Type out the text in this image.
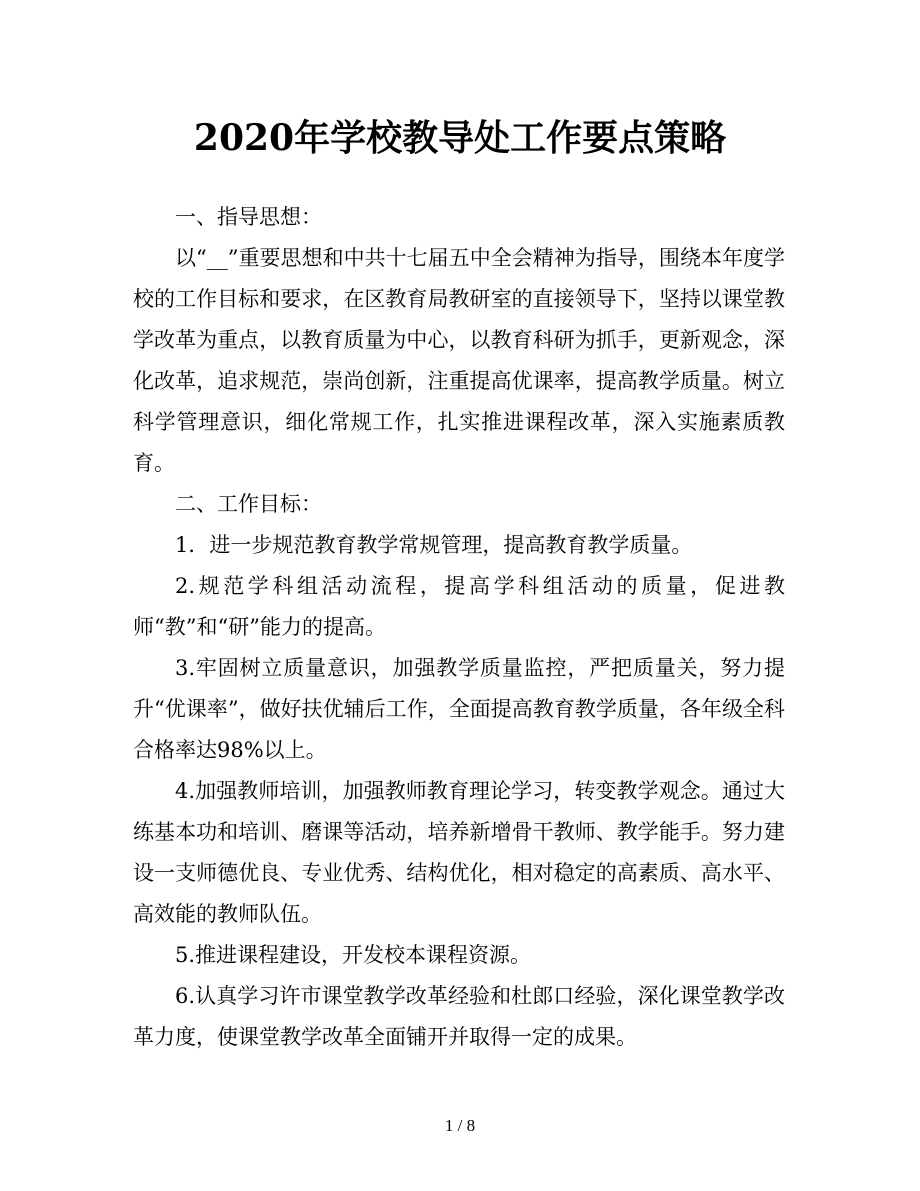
2020年学校教导处工作要点策略

一、指导思想：

以“__”重要思想和中共十七届五中全会精神为指导，围绕本年度学校的工作目标和要求，在区教育局教研室的直接领导下，坚持以课堂教学改革为重点，以教育质量为中心，以教育科研为抓手，更新观念，深化改革，追求规范，崇尚创新，注重提高优课率，提高教学质量。树立科学管理意识，细化常规工作，扎实推进课程改革，深入实施素质教育。

二、工作目标：

1．进一步规范教育教学常规管理，提高教育教学质量。

2.规范学科组活动流程，提高学科组活动的质量，促进教师“教”和“研”能力的提高。

3.牢固树立质量意识，加强教学质量监控，严把质量关，努力提升“优课率”，做好扶优辅后工作，全面提高教育教学质量，各年级全科合格率达98%以上。

4.加强教师培训，加强教师教育理论学习，转变教学观念。通过大练基本功和培训、磨课等活动，培养新增骨干教师、教学能手。努力建设一支师德优良、专业优秀、结构优化，相对稳定的高素质、高水平、高效能的教师队伍。

5.推进课程建设，开发校本课程资源。

6.认真学习许市课堂教学改革经验和杜郎口经验，深化课堂教学改革力度，使课堂教学改革全面铺开并取得一定的成果。

1 / 8
